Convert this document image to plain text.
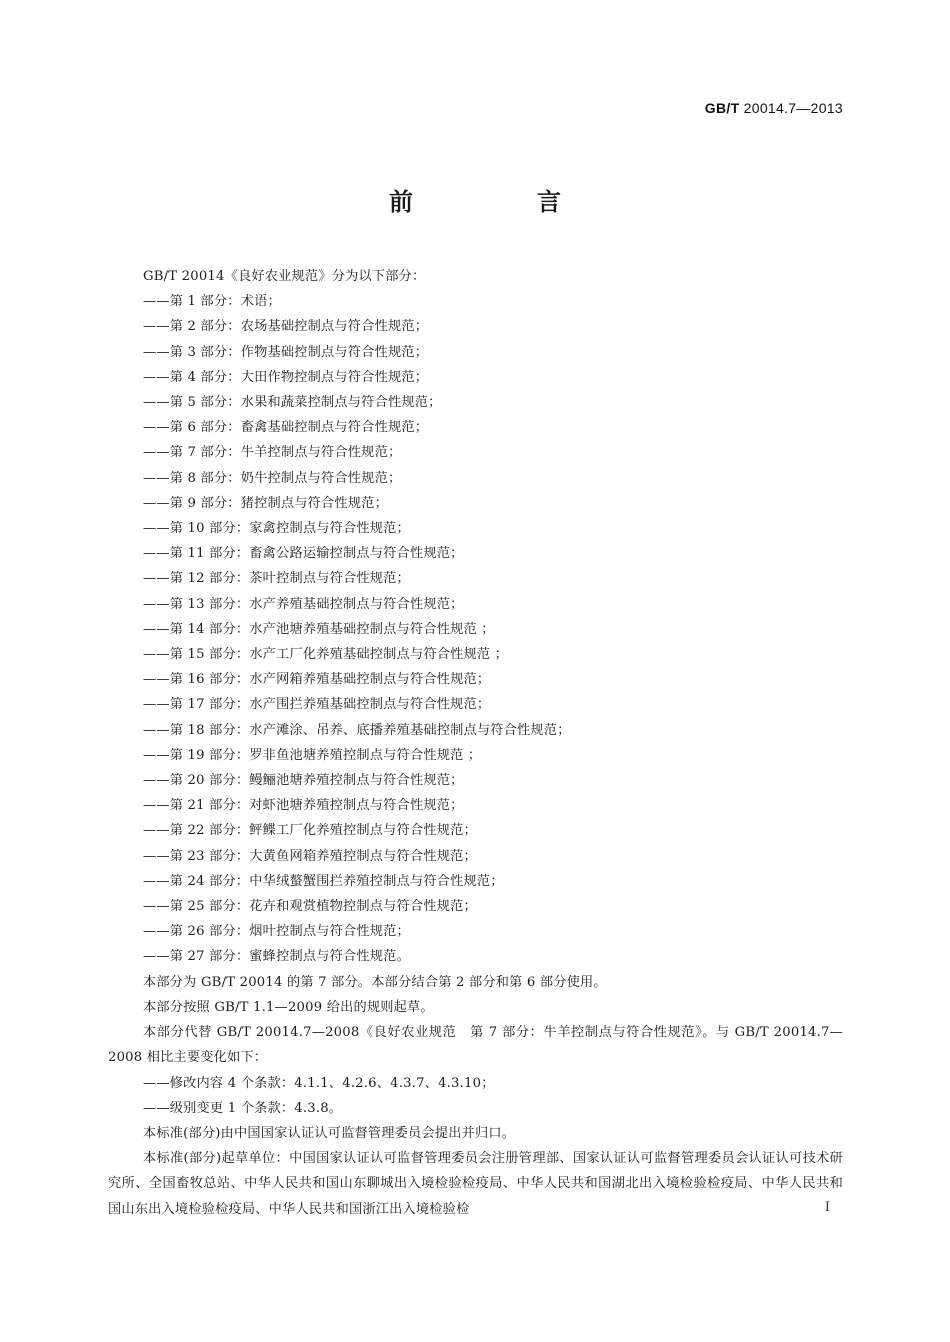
GB/T 20014.7—2013
前　言
GB/T 20014《良好农业规范》分为以下部分：
——第 1 部分：术语；
——第 2 部分：农场基础控制点与符合性规范；
——第 3 部分：作物基础控制点与符合性规范；
——第 4 部分：大田作物控制点与符合性规范；
——第 5 部分：水果和蔬菜控制点与符合性规范；
——第 6 部分：畜禽基础控制点与符合性规范；
——第 7 部分：牛羊控制点与符合性规范；
——第 8 部分：奶牛控制点与符合性规范；
——第 9 部分：猪控制点与符合性规范；
——第 10 部分：家禽控制点与符合性规范；
——第 11 部分：畜禽公路运输控制点与符合性规范；
——第 12 部分：茶叶控制点与符合性规范；
——第 13 部分：水产养殖基础控制点与符合性规范；
——第 14 部分：水产池塘养殖基础控制点与符合性规范 ；
——第 15 部分：水产工厂化养殖基础控制点与符合性规范 ；
——第 16 部分：水产网箱养殖基础控制点与符合性规范；
——第 17 部分：水产围拦养殖基础控制点与符合性规范；
——第 18 部分：水产滩涂、吊养、底播养殖基础控制点与符合性规范；
——第 19 部分：罗非鱼池塘养殖控制点与符合性规范 ；
——第 20 部分：鳗鲡池塘养殖控制点与符合性规范；
——第 21 部分：对虾池塘养殖控制点与符合性规范；
——第 22 部分：鲆鲽工厂化养殖控制点与符合性规范；
——第 23 部分：大黄鱼网箱养殖控制点与符合性规范；
——第 24 部分：中华绒螯蟹围拦养殖控制点与符合性规范；
——第 25 部分：花卉和观赏植物控制点与符合性规范；
——第 26 部分：烟叶控制点与符合性规范；
——第 27 部分：蜜蜂控制点与符合性规范。
本部分为 GB/T 20014 的第 7 部分。本部分结合第 2 部分和第 6 部分使用。
本部分按照 GB/T 1.1—2009 给出的规则起草。
本部分代替 GB/T 20014.7—2008《良好农业规范　第 7 部分：牛羊控制点与符合性规范》。与 GB/T 20014.7—2008 相比主要变化如下：
——修改内容 4 个条款：4.1.1、4.2.6、4.3.7、4.3.10；
——级别变更 1 个条款：4.3.8。
本标准(部分)由中国国家认证认可监督管理委员会提出并归口。
本标准(部分)起草单位：中国国家认证认可监督管理委员会注册管理部、国家认证认可监督管理委员会认证认可技术研究所、全国畜牧总站、中华人民共和国山东聊城出入境检验检疫局、中华人民共和国湖北出入境检验检疫局、中华人民共和国山东出入境检验检疫局、中华人民共和国浙江出入境检验检	I
